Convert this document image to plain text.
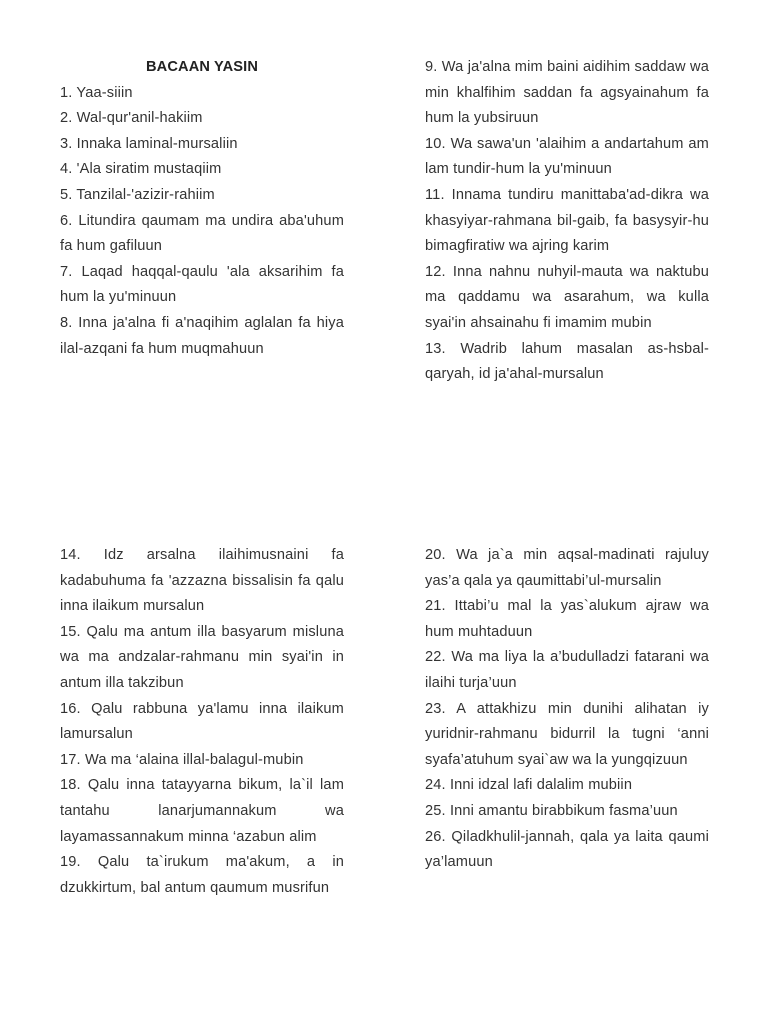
BACAAN YASIN

1. Yaa-siiin

2. Wal-qur'anil-hakiim

3. Innaka laminal-mursaliin

4. 'Ala siratim mustaqiim

5. Tanzilal-'azizir-rahiim

6. Litundira qaumam ma undira aba'uhum fa hum gafiluun

7. Laqad haqqal-qaulu 'ala aksarihim fa hum la yu'minuun

8. Inna ja'alna fi a'naqihim aglalan fa hiya ilal-azqani fa hum muqmahuun

9. Wa ja'alna mim baini aidihim saddaw wa min khalfihim saddan fa agsyainahum fa hum la yubsiruun

10. Wa sawa'un 'alaihim a andartahum am lam tundir-hum la yu'minuun

11. Innama tundiru manittaba'ad-dikra wa khasyiyar-rahmana bil-gaib, fa basysyir-hu bimagfiratiw wa ajring karim

12. Inna nahnu nuhyil-mauta wa naktubu ma qaddamu wa asarahum, wa kulla syai'in ahsainahu fi imamim mubin

13. Wadrib lahum masalan as-hsbal-qaryah, id ja'ahal-mursalun

14. Idz arsalna ilaihimusnaini fa kadabuhuma fa 'azzazna bissalisin fa qalu inna ilaikum mursalun

15. Qalu ma antum illa basyarum misluna wa ma andzalar-rahmanu min syai'in in antum illa takzibun

16. Qalu rabbuna ya'lamu inna ilaikum lamursalun

17. Wa ma ‘alaina illal-balagul-mubin

18. Qalu inna tatayyarna bikum, la`il lam tantahu lanarjumannakum wa layamassannakum minna ‘azabun alim

19. Qalu ta`irukum ma'akum, a in dzukkirtum, bal antum qaumum musrifun

20. Wa ja`a min aqsal-madinati rajuluy yas’a qala ya qaumittabi’ul-mursalin

21. Ittabi’u mal la yas`alukum ajraw wa hum muhtaduun

22. Wa ma liya la a’budulladzi fatarani wa ilaihi turja’uun

23. A attakhizu min dunihi alihatan iy yuridnir-rahmanu bidurril la tugni ‘anni syafa’atuhum syai`aw wa la yungqizuun

24. Inni idzal lafi dalalim mubiin

25. Inni amantu birabbikum fasma’uun

26. Qiladkhulil-jannah, qala ya laita qaumi ya’lamuun
